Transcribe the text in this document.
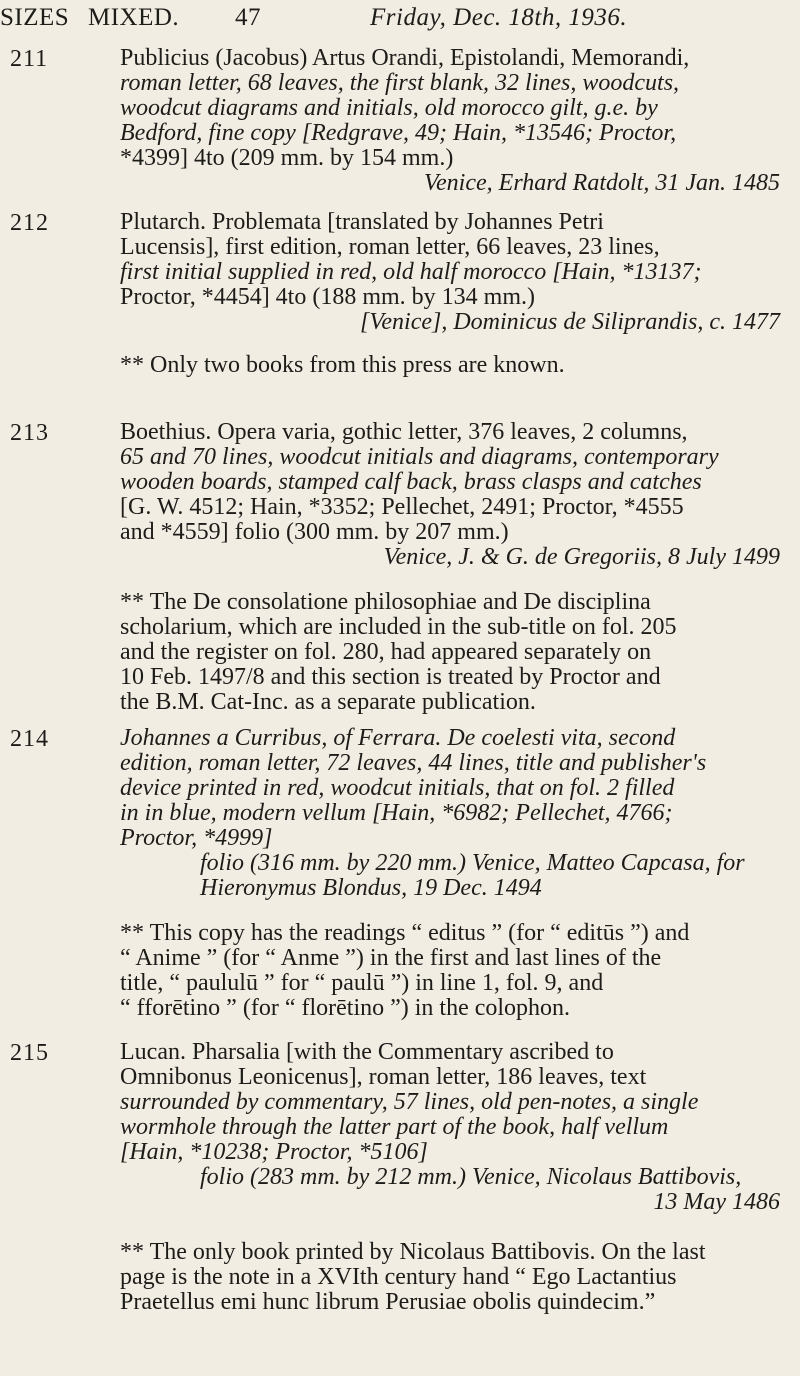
SIZES MIXED. 47	Friday, Dec. 18th, 1936.
211	Publicius (Jacobus) Artus Orandi, Epistolandi, Memorandi,

roman letter, 68 leaves, the first blank, 32 lines, woodcuts,

woodcut diagrams and initials, old morocco gilt, g.e. by

Bedford, fine copy [Redgrave, 49; Hain, *13546; Proctor,

*4399] 4to (209 mm. by 154 mm.)

Venice, Erhard Ratdolt, 31 Jan. 1485

212	Plutarch. Problemata [translated by Johannes Petri

Lucensis], first edition, roman letter, 66 leaves, 23 lines,

first initial supplied in red, old half morocco [Hain, *13137;

Proctor, *4454] 4to (188 mm. by 134 mm.)

[Venice], Dominicus de Siliprandis, c. 1477

** Only two books from this press are known.

213	Boethius. Opera varia, gothic letter, 376 leaves, 2 columns,

65 and 70 lines, woodcut initials and diagrams, contemporary

wooden boards, stamped calf back, brass clasps and catches

[G. W. 4512; Hain, *3352; Pellechet, 2491; Proctor, *4555

and *4559] folio (300 mm. by 207 mm.)

Venice, J. & G. de Gregoriis, 8 July 1499

** The De consolatione philosophiae and De disciplina

scholarium, which are included in the sub-title on fol. 205

and the register on fol. 280, had appeared separately on

10 Feb. 1497/8 and this section is treated by Proctor and

the B.M. Cat-Inc. as a separate publication.

214	Johannes a Curribus, of Ferrara. De coelesti vita, second

edition, roman letter, 72 leaves, 44 lines, title and publisher's

device printed in red, woodcut initials, that on fol. 2 filled

in in blue, modern vellum [Hain, *6982; Pellechet, 4766;

Proctor, *4999]

folio (316 mm. by 220 mm.) Venice, Matteo Capcasa, for

Hieronymus Blondus, 19 Dec. 1494

** This copy has the readings “ editus ” (for “ editūs ”) and

“ Anime ” (for “ Anme ”) in the first and last lines of the

title, “ paululū ” for “ paulū ”) in line 1, fol. 9, and

“ fforētino ” (for “ florētino ”) in the colophon.

215	Lucan. Pharsalia [with the Commentary ascribed to

Omnibonus Leonicenus], roman letter, 186 leaves, text

surrounded by commentary, 57 lines, old pen-notes, a single

wormhole through the latter part of the book, half vellum

[Hain, *10238; Proctor, *5106]

folio (283 mm. by 212 mm.) Venice, Nicolaus Battibovis,

13 May 1486

** The only book printed by Nicolaus Battibovis. On the last

page is the note in a XVIth century hand “ Ego Lactantius

Praetellus emi hunc librum Perusiae obolis quindecim.”
